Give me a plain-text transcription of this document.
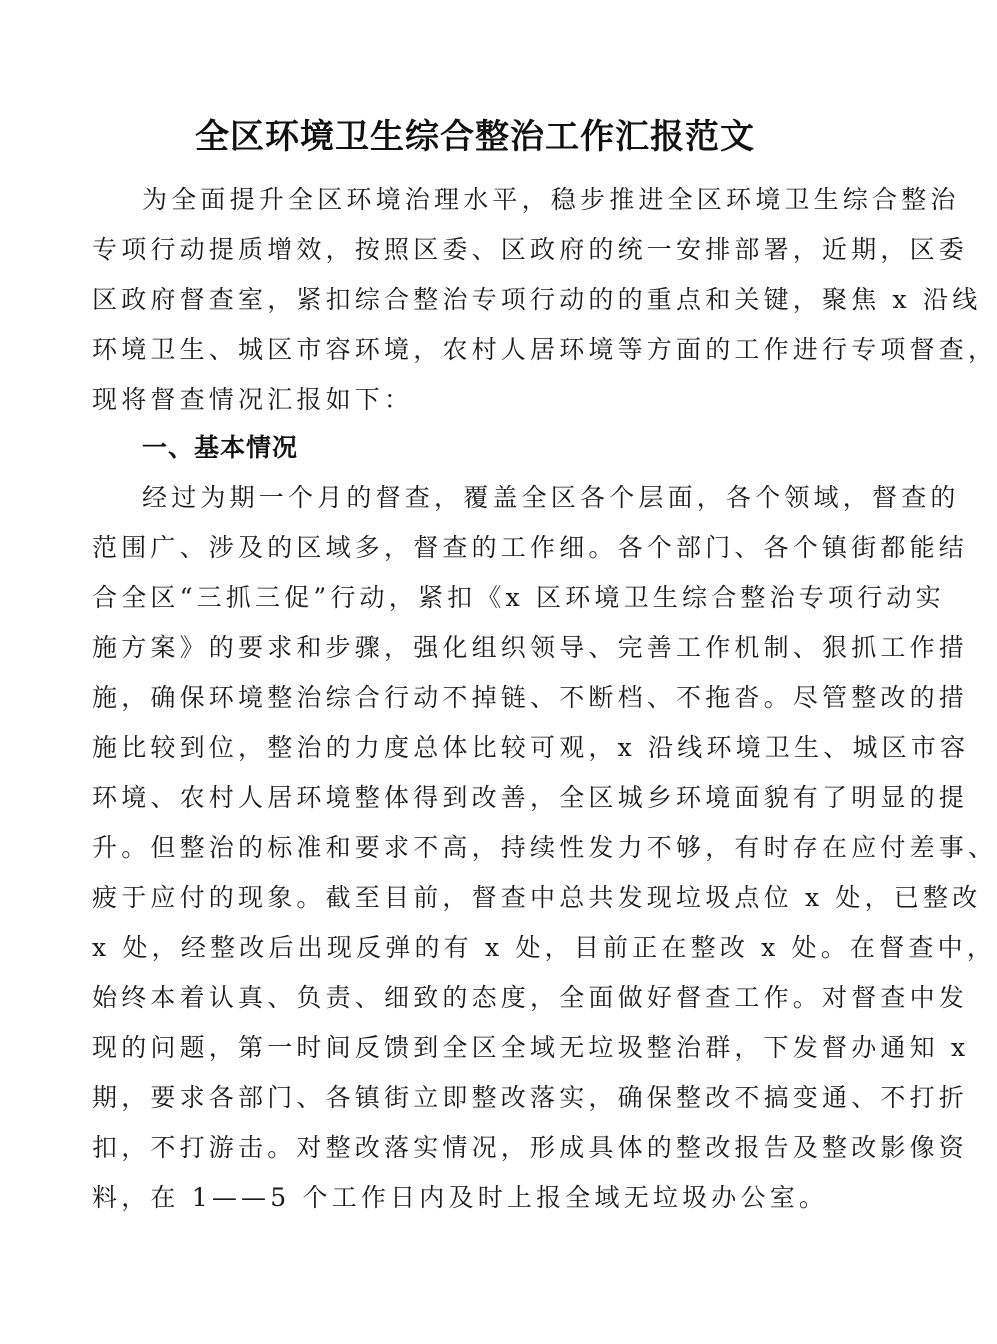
全区环境卫生综合整治工作汇报范文
为全面提升全区环境治理水平，稳步推进全区环境卫生综合整治
专项行动提质增效，按照区委、区政府的统一安排部署，近期，区委
区政府督查室，紧扣综合整治专项行动的的重点和关键，聚焦 x 沿线
环境卫生、城区市容环境，农村人居环境等方面的工作进行专项督查，
现将督查情况汇报如下：
一、基本情况
经过为期一个月的督查，覆盖全区各个层面，各个领域，督查的
范围广、涉及的区域多，督查的工作细。各个部门、各个镇街都能结
合全区“三抓三促”行动，紧扣《x 区环境卫生综合整治专项行动实
施方案》的要求和步骤，强化组织领导、完善工作机制、狠抓工作措
施，确保环境整治综合行动不掉链、不断档、不拖沓。尽管整改的措
施比较到位，整治的力度总体比较可观，x 沿线环境卫生、城区市容
环境、农村人居环境整体得到改善，全区城乡环境面貌有了明显的提
升。但整治的标准和要求不高，持续性发力不够，有时存在应付差事、
疲于应付的现象。截至目前，督查中总共发现垃圾点位 x 处，已整改
x 处，经整改后出现反弹的有 x 处，目前正在整改 x 处。在督查中，
始终本着认真、负责、细致的态度，全面做好督查工作。对督查中发
现的问题，第一时间反馈到全区全域无垃圾整治群，下发督办通知 x
期，要求各部门、各镇街立即整改落实，确保整改不搞变通、不打折
扣，不打游击。对整改落实情况，形成具体的整改报告及整改影像资
料，在 1——5 个工作日内及时上报全域无垃圾办公室。
